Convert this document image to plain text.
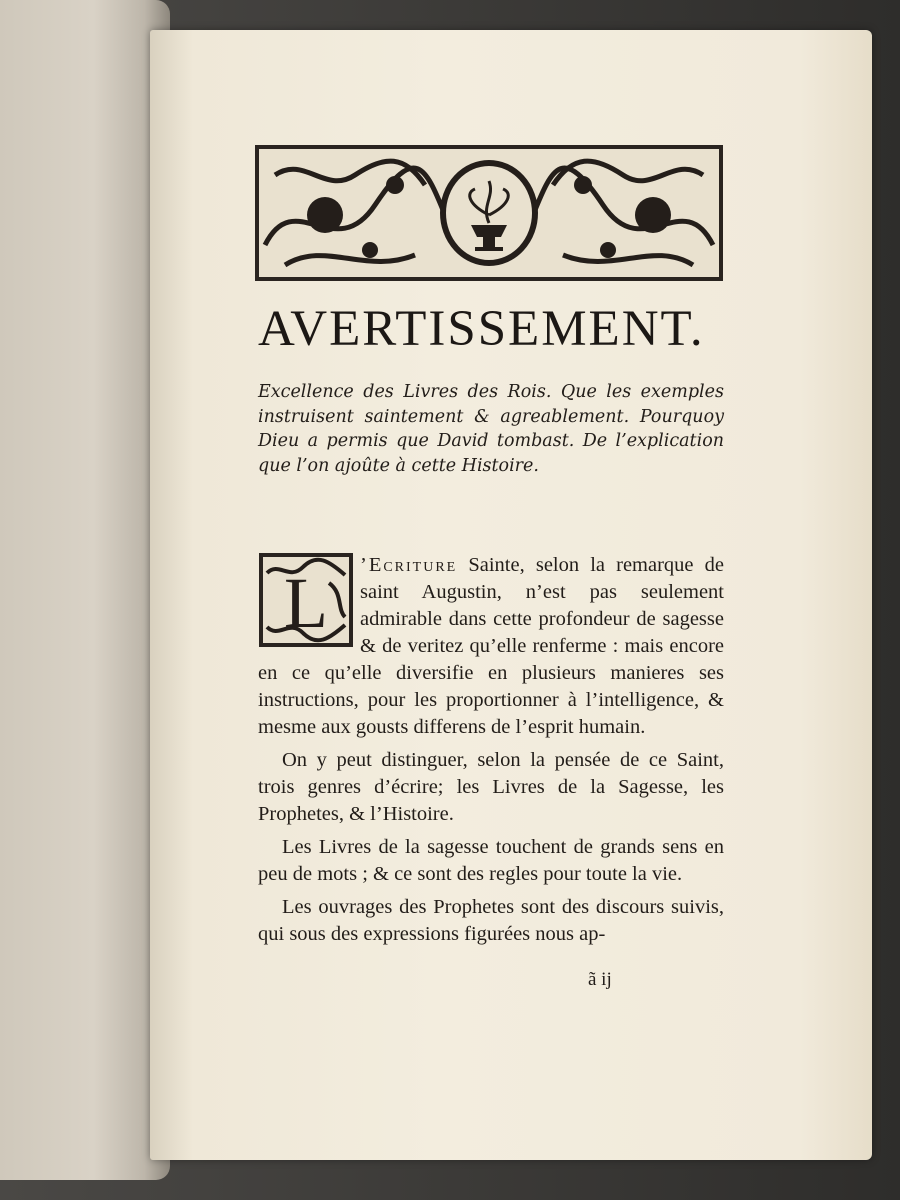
AVERTISSEMENT.
Excellence des Livres des Rois. Que les exemples instruisent saintement & agreablement. Pourquoy Dieu a permis que David tombast. De l’explication que l’on ajoûte à cette Histoire.
L	’Ecriture Sainte, selon la remarque de saint Augustin, n’est pas seulement admirable dans cette profondeur de sagesse & de veritez qu’elle renferme : mais encore en ce qu’elle diversifie en plusieurs manieres ses instructions, pour les proportionner à l’intelligence, & mesme aux gousts differens de l’esprit humain.

On y peut distinguer, selon la pensée de ce Saint, trois genres d’écrire; les Livres de la Sagesse, les Prophetes, & l’Histoire.

Les Livres de la sagesse touchent de grands sens en peu de mots ; & ce sont des regles pour toute la vie.

Les ouvrages des Prophetes sont des discours suivis, qui sous des expressions figurées nous ap-

ã ij
